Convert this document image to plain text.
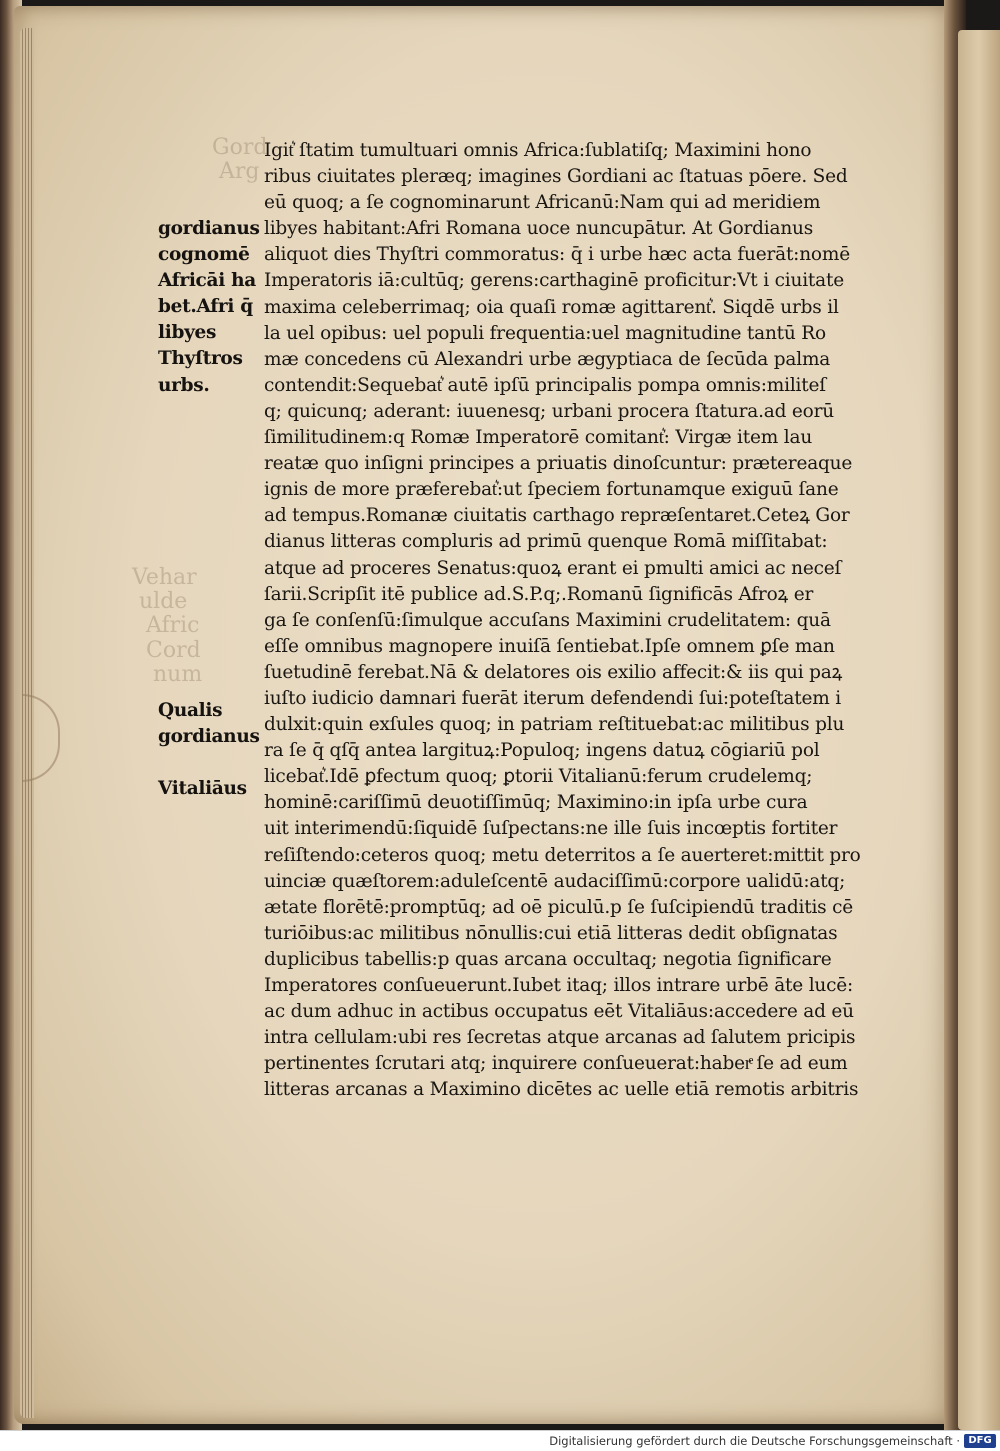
Vehar
ulde
Afric
Cord
num
Gord
Arg
gordianus
cognomē
Africāi ha
bet.Afri q̄
libyes
Thyſtros
urbs.
Qualis
gordianus
Vitaliāus
Igit͛ ſtatim tumultuari omnis Africa:ſublatiſq; Maximini hono
ribus ciuitates pleræq; imagines Gordiani ac ſtatuas pōere. Sed
eū quoq; a ſe cognominarunt Africanū:Nam qui ad meridiem
libyes habitant:Afri Romana uoce nuncupātur. At Gordianus
aliquot dies Thyſtri commoratus: q̄ i urbe hæc acta fuerāt:nomē
Imperatoris iā:cultūq; gerens:carthaginē proficitur:Vt i ciuitate
maxima celeberrimaq; oia quaſi romæ agittarent͛. Siqdē urbs il
la uel opibus: uel populi frequentia:uel magnitudine tantū Ro
mæ concedens cū Alexandri urbe ægyptiaca de ſecūda palma
contendit:Sequebat͛ autē ipſū principalis pompa omnis:militeſ
q; quicunq; aderant: iuuenesq; urbani procera ſtatura.ad eorū
ſimilitudinem:q Romæ Imperatorē comitant͛: Virgæ item lau
reatæ quo inſigni principes a priuatis dinoſcuntur: prætereaque
ignis de more præferebat͛:ut ſpeciem fortunamque exiguū ſane
ad tempus.Romanæ ciuitatis carthago repræſentaret.Ceteꝝ Gor
dianus litteras compluris ad primū quenque Romā miſſitabat:
atque ad proceres Senatus:quoꝝ erant ei pmulti amici ac neceſ
ſarii.Scripſit itē publice ad.S.P.q;.Romanū ſignificās Afroꝝ er
ga ſe conſenſū:ſimulque accuſans Maximini crudelitatem: quā
eſſe omnibus magnopere inuiſā ſentiebat.Ipſe omnem ꝑſe man
ſuetudinē ferebat.Nā & delatores ois exilio affecit:& iis qui paꝝ
iuſto iudicio damnari fuerāt iterum defendendi ſui:poteſtatem i
dulxit:quin exſules quoq; in patriam reſtituebat:ac militibus plu
ra ſe q̄ qſq̄ antea largituꝝ:Populoq; ingens datuꝝ cōgiariū pol
licebat͛.Idē ꝑfectum quoq; ꝑtorii Vitalianū:ferum crudelemq;
hominē:cariſſimū deuotiſſimūq; Maximino:in ipſa urbe cura
uit interimendū:ſiquidē ſuſpectans:ne ille ſuis incœptis fortiter
reſiſtendo:ceteros quoq; metu deterritos a ſe auerteret:mittit pro
uinciæ quæſtorem:aduleſcentē audaciſſimū:corpore ualidū:atq;
ætate florētē:promptūq; ad oē piculū.p ſe ſuſcipiendū traditis cē
turiōibus:ac militibus nōnullis:cui etiā litteras dedit obſignatas
duplicibus tabellis:p quas arcana occultaq; negotia ſignificare
Imperatores conſueuerunt.Iubet itaq; illos intrare urbē āte lucē:
ac dum adhuc in actibus occupatus eēt Vitaliāus:accedere ad eū
intra cellulam:ubi res ſecretas atque arcanas ad ſalutem pricipis
pertinentes ſcrutari atq; inquirere conſueuerat:haberͤ ſe ad eum
litteras arcanas a Maximino dicētes ac uelle etiā remotis arbitris
Digitalisierung gefördert durch die Deutsche Forschungsgemeinschaft · DFG
